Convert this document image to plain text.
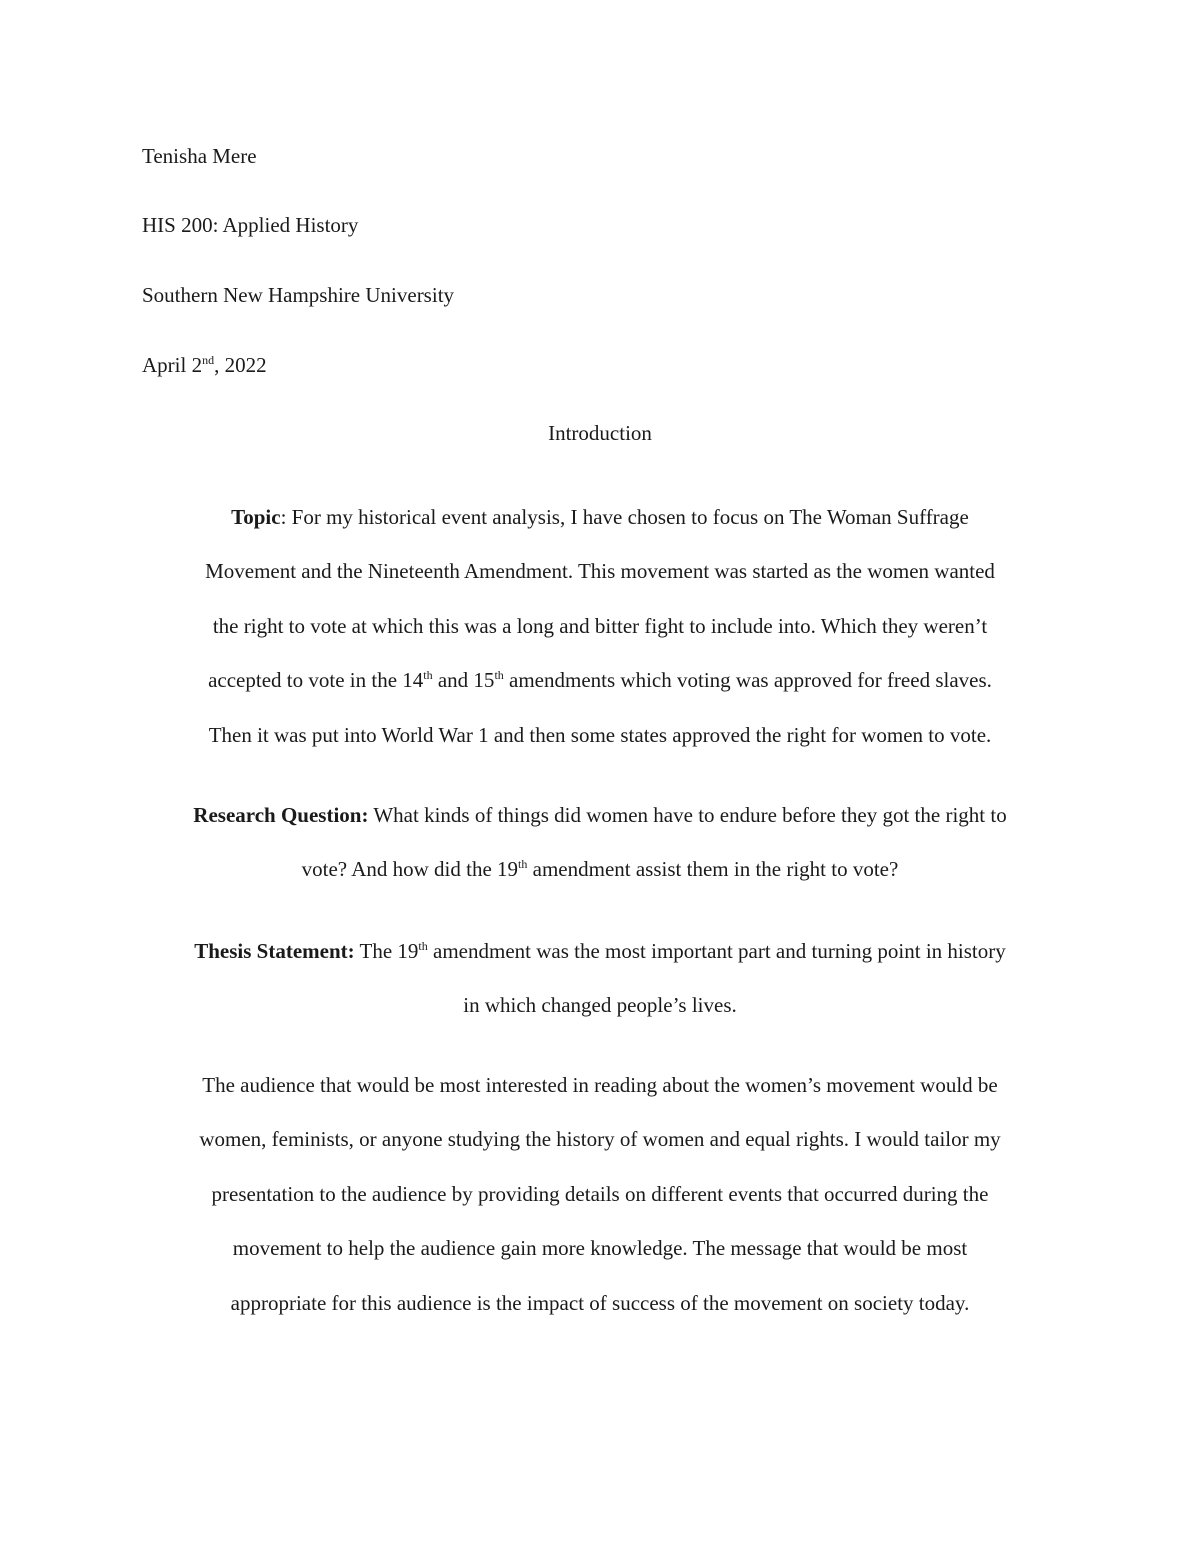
Tenisha Mere
HIS 200: Applied History
Southern New Hampshire University
April 2nd, 2022
Introduction
Topic: For my historical event analysis, I have chosen to focus on The Woman Suffrage
Movement and the Nineteenth Amendment. This movement was started as the women wanted
the right to vote at which this was a long and bitter fight to include into. Which they weren’t
accepted to vote in the 14th and 15th amendments which voting was approved for freed slaves.
Then it was put into World War 1 and then some states approved the right for women to vote.
Research Question: What kinds of things did women have to endure before they got the right to
vote? And how did the 19th amendment assist them in the right to vote?
Thesis Statement: The 19th amendment was the most important part and turning point in history
in which changed people’s lives.
The audience that would be most interested in reading about the women’s movement would be
women, feminists, or anyone studying the history of women and equal rights. I would tailor my
presentation to the audience by providing details on different events that occurred during the
movement to help the audience gain more knowledge. The message that would be most
appropriate for this audience is the impact of success of the movement on society today.
